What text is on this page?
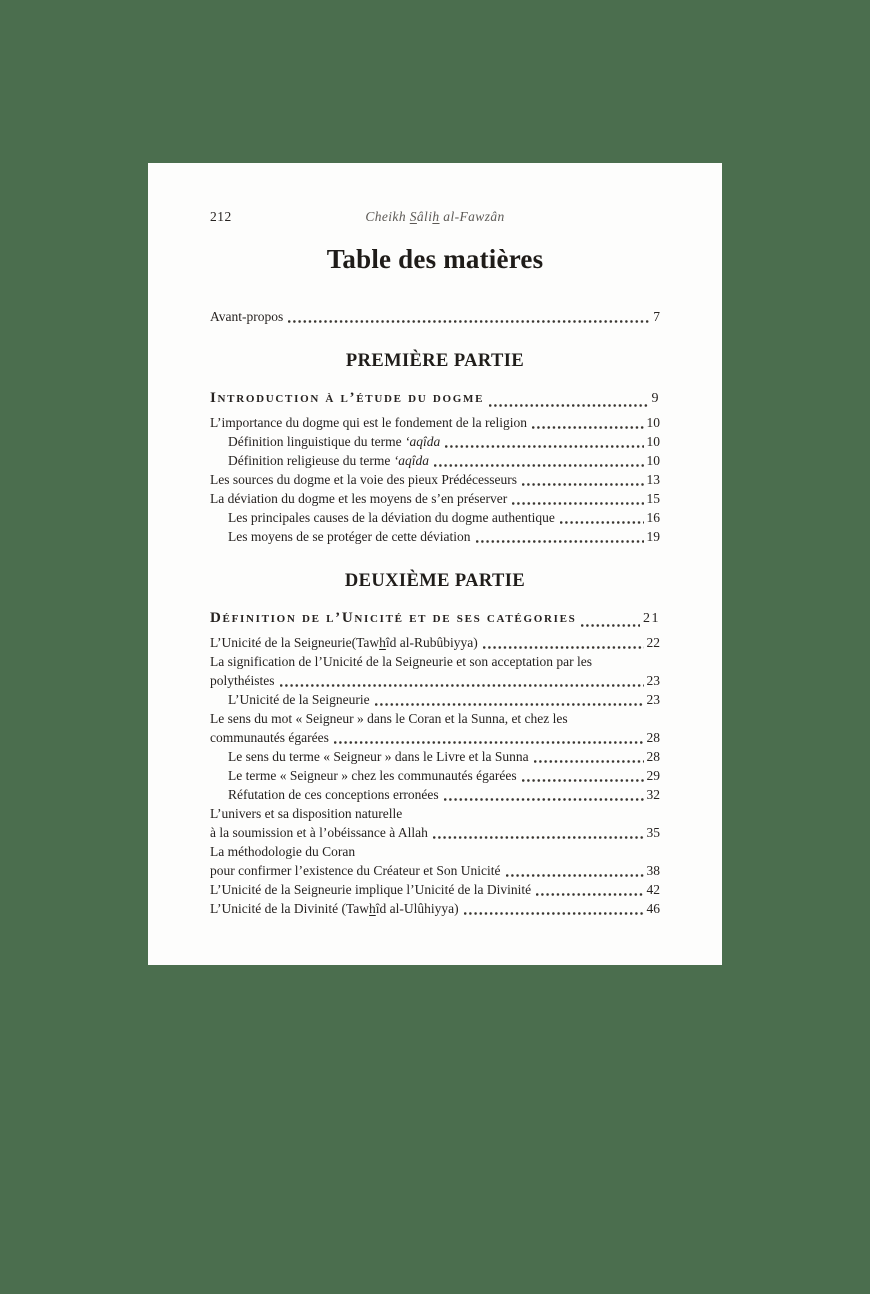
212	Cheikh Sâlih al-Fawzân
Table des matières
Avant-propos	7
PREMIÈRE PARTIE
Introduction à l’étude du dogme	9
L’importance du dogme qui est le fondement de la religion	10
Définition linguistique du terme ‘aqîda	10
Définition religieuse du terme ‘aqîda	10
Les sources du dogme et la voie des pieux Prédécesseurs	13
La déviation du dogme et les moyens de s’en préserver	15
Les principales causes de la déviation du dogme authentique	16
Les moyens de se protéger de cette déviation	19
DEUXIÈME PARTIE
Définition de l’Unicité et de ses catégories	21
L’Unicité de la Seigneurie(Tawhîd al-Rubûbiyya)	22
La signification de l’Unicité de la Seigneurie et son acceptation par les
polythéistes	23
L’Unicité de la Seigneurie	23
Le sens du mot « Seigneur » dans le Coran et la Sunna, et chez les
communautés égarées	28
Le sens du terme « Seigneur » dans le Livre et la Sunna	28
Le terme « Seigneur » chez les communautés égarées	29
Réfutation de ces conceptions erronées	32
L’univers et sa disposition naturelle
à la soumission et à l’obéissance à Allah	35
La méthodologie du Coran
pour confirmer l’existence du Créateur et Son Unicité	38
L’Unicité de la Seigneurie implique l’Unicité de la Divinité	42
L’Unicité de la Divinité (Tawhîd al-Ulûhiyya)	46
